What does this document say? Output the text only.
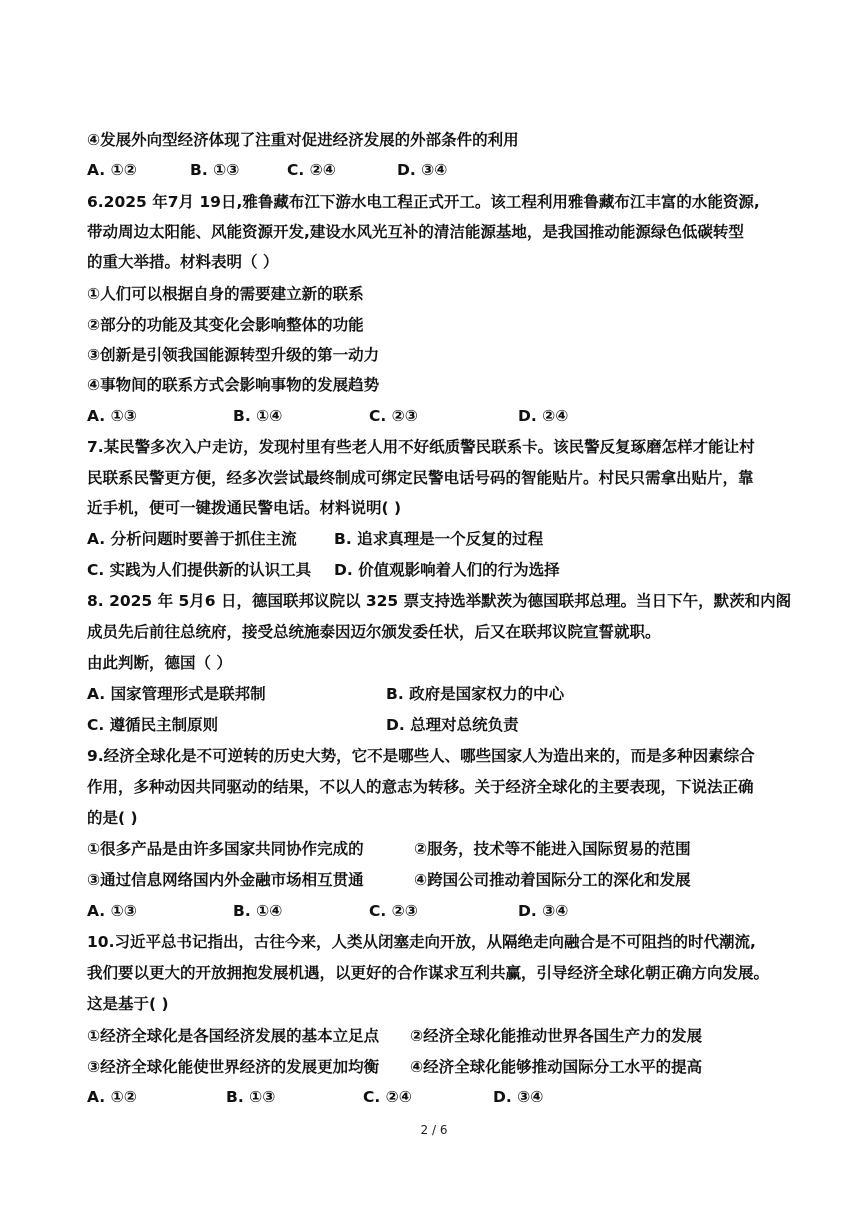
④发展外向型经济体现了注重对促进经济发展的外部条件的利用
A. ①②	B. ①③	C. ②④	D. ③④
6.2025 年7月 19日,雅鲁藏布江下游水电工程正式开工。该工程利用雅鲁藏布江丰富的水能资源,
带动周边太阳能、风能资源开发,建设水风光互补的清洁能源基地，是我国推动能源绿色低碳转型
的重大举措。材料表明（ ）
①人们可以根据自身的需要建立新的联系
②部分的功能及其变化会影响整体的功能
③创新是引领我国能源转型升级的第一动力
④事物间的联系方式会影响事物的发展趋势
A. ①③	B. ①④	C. ②③	D. ②④
7.某民警多次入户走访，发现村里有些老人用不好纸质警民联系卡。该民警反复琢磨怎样才能让村
民联系民警更方便，经多次尝试最终制成可绑定民警电话号码的智能贴片。村民只需拿出贴片，靠
近手机，便可一键拨通民警电话。材料说明( )
A. 分析问题时要善于抓住主流 B. 追求真理是一个反复的过程
C. 实践为人们提供新的认识工具 D. 价值观影响着人们的行为选择
8. 2025 年 5月6 日，德国联邦议院以 325 票支持选举默茨为德国联邦总理。当日下午，默茨和内阁
成员先后前往总统府，接受总统施泰因迈尔颁发委任状，后又在联邦议院宣誓就职。
由此判断，德国（ ）
A. 国家管理形式是联邦制	B. 政府是国家权力的中心
C. 遵循民主制原则	D. 总理对总统负责
9.经济全球化是不可逆转的历史大势，它不是哪些人、哪些国家人为造出来的，而是多种因素综合
作用，多种动因共同驱动的结果，不以人的意志为转移。关于经济全球化的主要表现，下说法正确
的是( )
①很多产品是由许多国家共同协作完成的	②服务，技术等不能进入国际贸易的范围
③通过信息网络国内外金融市场相互贯通	④跨国公司推动着国际分工的深化和发展
A. ①③	B. ①④	C. ②③	D. ③④
10.习近平总书记指出，古往今来，人类从闭塞走向开放，从隔绝走向融合是不可阻挡的时代潮流,
我们要以更大的开放拥抱发展机遇，以更好的合作谋求互利共赢，引导经济全球化朝正确方向发展。
这是基于( )
①经济全球化是各国经济发展的基本立足点 ②经济全球化能推动世界各国生产力的发展
③经济全球化能使世界经济的发展更加均衡 ④经济全球化能够推动国际分工水平的提高
A. ①②	B. ①③	C. ②④	D. ③④
2 / 6
